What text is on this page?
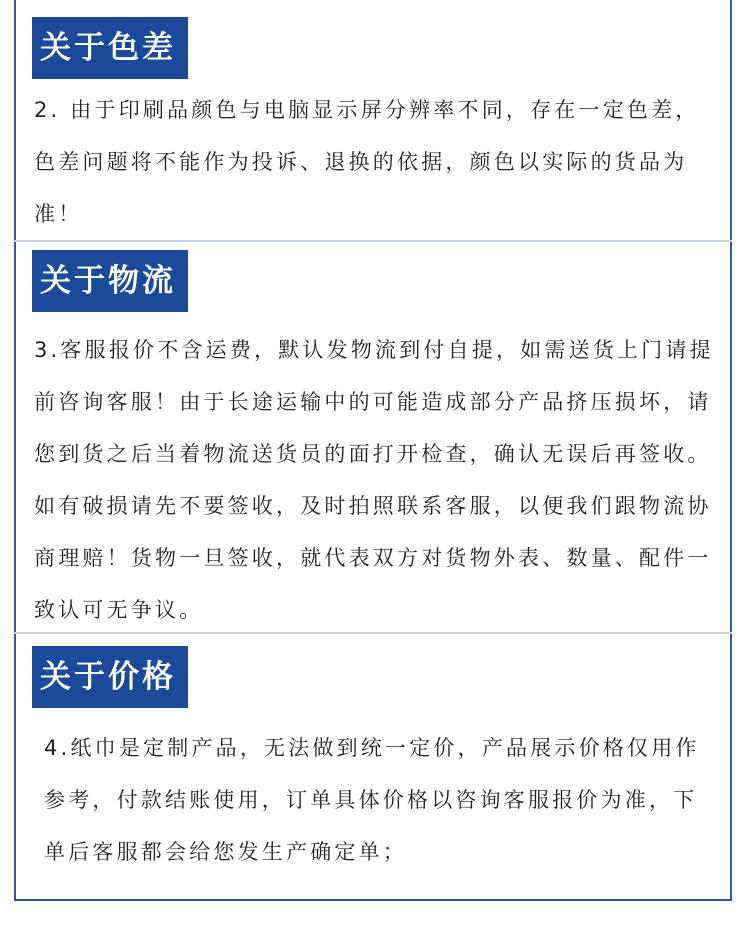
关于色差

2. 由于印刷品颜色与电脑显示屏分辨率不同，存在一定色差，色差问题将不能作为投诉、退换的依据，颜色以实际的货品为准！

关于物流

3.客服报价不含运费，默认发物流到付自提，如需送货上门请提前咨询客服！由于长途运输中的可能造成部分产品挤压损坏，请您到货之后当着物流送货员的面打开检查，确认无误后再签收。如有破损请先不要签收，及时拍照联系客服，以便我们跟物流协商理赔！货物一旦签收，就代表双方对货物外表、数量、配件一致认可无争议。

关于价格

4.纸巾是定制产品，无法做到统一定价，产品展示价格仅用作参考，付款结账使用，订单具体价格以咨询客服报价为准，下单后客服都会给您发生产确定单；
